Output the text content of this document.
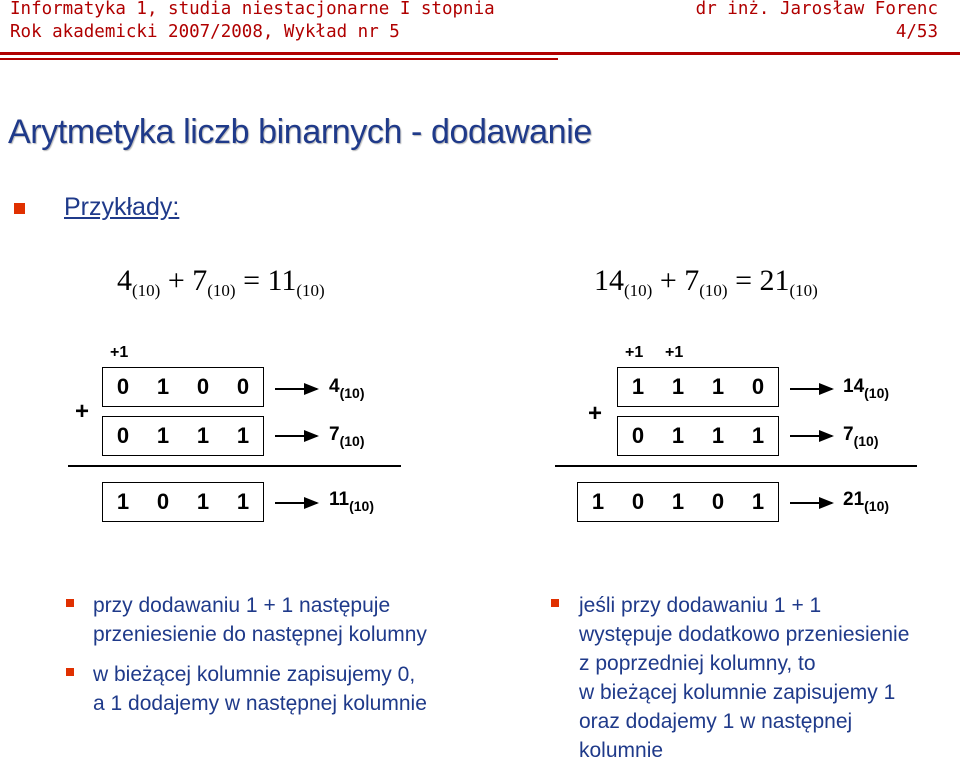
Informatyka 1, studia niestacjonarne I stopnia	dr inż. Jarosław Forenc
Rok akademicki 2007/2008, Wykład nr 5	4/53
Arytmetyka liczb binarnych - dodawanie
Przykłady:
$4_{(10)} + 7_{(10)} = 11_{(10)}$	$14_{(10)} + 7_{(10)} = 21_{(10)}$
+1
+
0	1	0	0
0	1	1	1
$4_{(10)}$
$7_{(10)}$
1	0	1	1	$11_{(10)}$
+1 +1
+
1	1	1	0
0	1	1	1
$14_{(10)}$
$7_{(10)}$
1	0	1	0	1	$21_{(10)}$
przy dodawaniu 1 + 1 następuje
przeniesienie do następnej kolumny
w bieżącej kolumnie zapisujemy 0,
a 1 dodajemy w następnej kolumnie
jeśli przy dodawaniu 1 + 1
występuje dodatkowo przeniesienie
z poprzedniej kolumny, to
w bieżącej kolumnie zapisujemy 1
oraz dodajemy 1 w następnej
kolumnie
